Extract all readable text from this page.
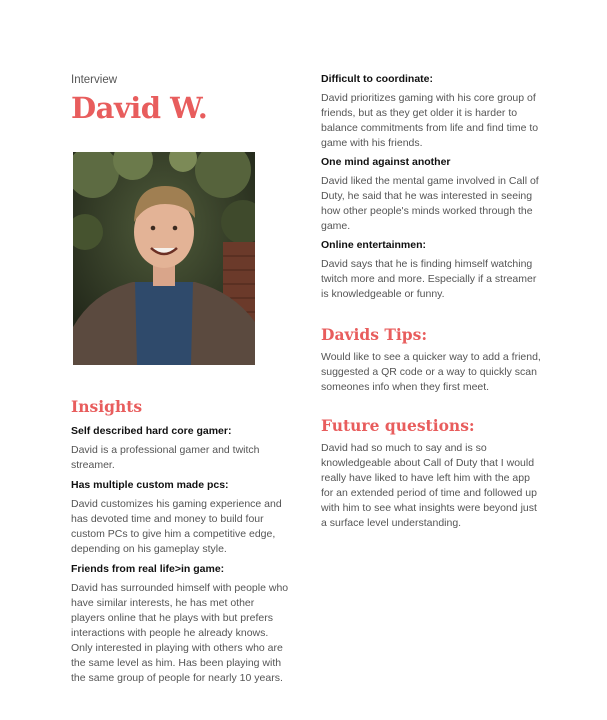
Interview

David W.
Insights

Self described hard core gamer:

David is a professional gamer and twitch streamer.

Has multiple custom made pcs:

David customizes his gaming experience and has devoted time and money to build four custom PCs to give him a competitive edge, depending on his gameplay style.

Friends from real life>in game:

David has surrounded himself with people who have similar interests, he has met other players online that he plays with but prefers interactions with people he already knows. Only interested in playing with others who are the same level as him. Has been playing with the same group of people for nearly 10 years.

Difficult to coordinate:

David prioritizes gaming with his core group of friends, but as they get older it is harder to balance commitments from life and find time to game with his friends.

One mind against another

David liked the mental game involved in Call of Duty, he said that he was interested in seeing how other people's minds worked through the game.

Online entertainmen:

David says that he is finding himself watching twitch more and more. Especially if a streamer is knowledgeable or funny.

Davids Tips:

Would like to see a quicker way to add a friend, suggested a QR code or a way to quickly scan someones info when they first meet.

Future questions:

David had so much to say and is so knowledgeable about Call of Duty that I would really have liked to have left him with the app for an extended period of time and followed up with him to see what insights were beyond just a surface level understanding.
